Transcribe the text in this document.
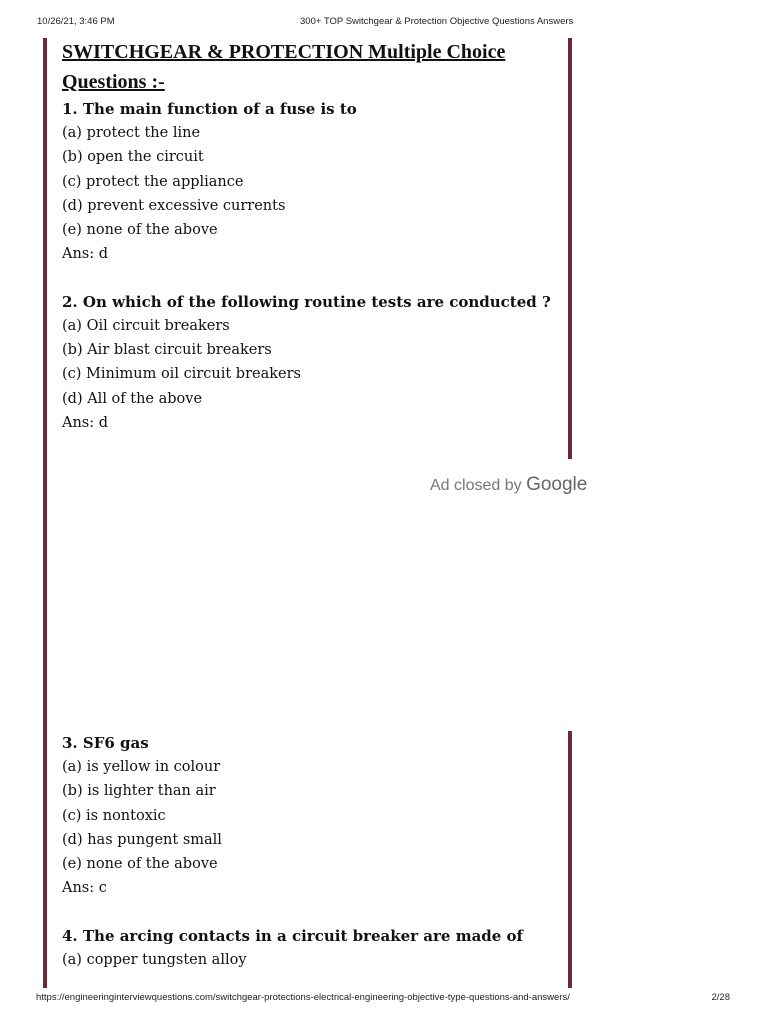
10/26/21, 3:46 PM	300+ TOP Switchgear & Protection Objective Questions Answers
SWITCHGEAR & PROTECTION Multiple Choice
Questions :-
1. The main function of a fuse is to
(a) protect the line
(b) open the circuit
(c) protect the appliance
(d) prevent excessive currents
(e) none of the above
Ans: d
2. On which of the following routine tests are conducted ?
(a) Oil circuit breakers
(b) Air blast circuit breakers
(c) Minimum oil circuit breakers
(d) All of the above
Ans: d
Ad closed by Google
3. SF6 gas
(a) is yellow in colour
(b) is lighter than air
(c) is nontoxic
(d) has pungent small
(e) none of the above
Ans: c
4. The arcing contacts in a circuit breaker are made of
(a) copper tungsten alloy
https://engineeringinterviewquestions.com/switchgear-protections-electrical-engineering-objective-type-questions-and-answers/	2/28
